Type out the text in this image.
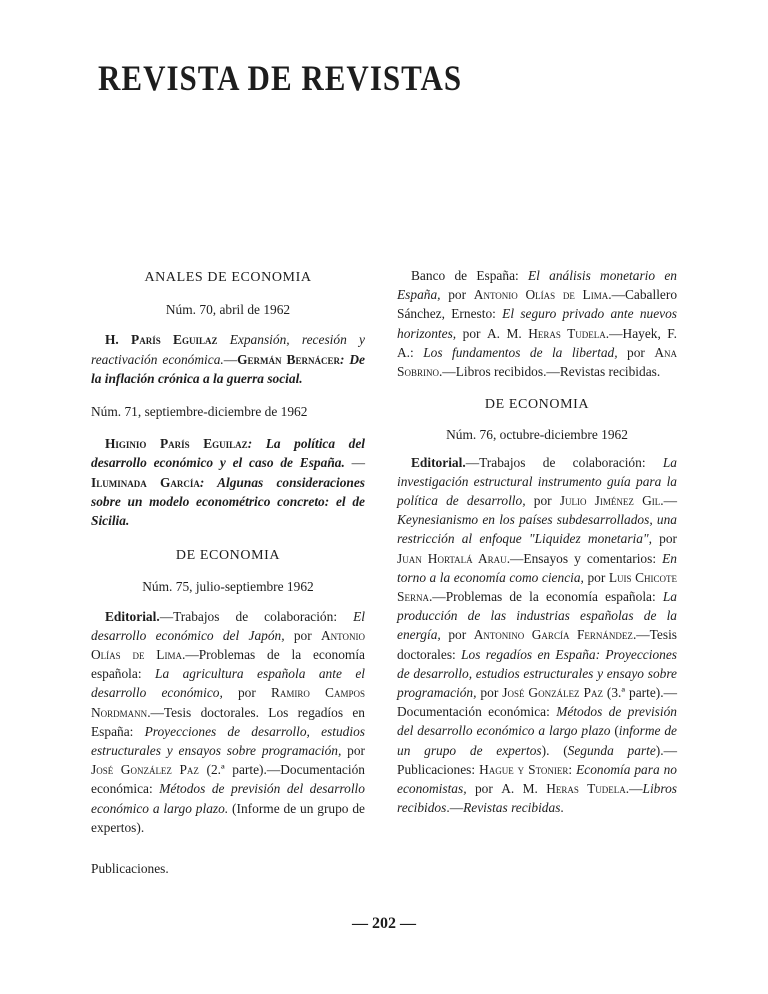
REVISTA DE REVISTAS

ANALES DE ECONOMIA

Núm. 70, abril de 1962

H. París Eguilaz Expansión, recesión y reactivación económica.—Germán Bernácer: De la inflación crónica a la guerra social.

Núm. 71, septiembre-diciembre de 1962

Higinio París Eguilaz: La política del desarrollo económico y el caso de España. — Iluminada García: Algunas consideraciones sobre un modelo econométrico concreto: el de Sicilia.

DE ECONOMIA

Núm. 75, julio-septiembre 1962

Editorial.—Trabajos de colaboración: El desarrollo económico del Japón, por Antonio Olías de Lima.—Problemas de la economía española: La agricultura española ante el desarrollo económico, por Ramiro Campos Nordmann.—Tesis doctorales. Los regadíos en España: Proyecciones de desarrollo, estudios estructurales y ensayos sobre programación, por José González Paz (2.ª parte).—Documentación económica: Métodos de previsión del desarrollo económico a largo plazo. (Informe de un grupo de expertos).

Publicaciones.

Banco de España: El análisis monetario en España, por Antonio Olías de Lima.—Caballero Sánchez, Ernesto: El seguro privado ante nuevos horizontes, por A. M. Heras Tudela.—Hayek, F. A.: Los fundamentos de la libertad, por Ana Sobrino.—Libros recibidos.—Revistas recibidas.

DE ECONOMIA

Núm. 76, octubre-diciembre 1962

Editorial.—Trabajos de colaboración: La investigación estructural instrumento guía para la política de desarrollo, por Julio Jiménez Gil.—Keynesianismo en los países subdesarrollados, una restricción al enfoque "Liquidez monetaria", por Juan Hortalá Arau.—Ensayos y comentarios: En torno a la economía como ciencia, por Luis Chicote Serna.—Problemas de la economía española: La producción de las industrias españolas de la energía, por Antonino García Fernández.—Tesis doctorales: Los regadíos en España: Proyecciones de desarrollo, estudios estructurales y ensayo sobre programación, por José González Paz (3.ª parte).—Documentación económica: Métodos de previsión del desarrollo económico a largo plazo (informe de un grupo de expertos). (Segunda parte).—Publicaciones: Hague y Stonier: Economía para no economistas, por A. M. Heras Tudela.—Libros recibidos.—Revistas recibidas.

— 202 —
